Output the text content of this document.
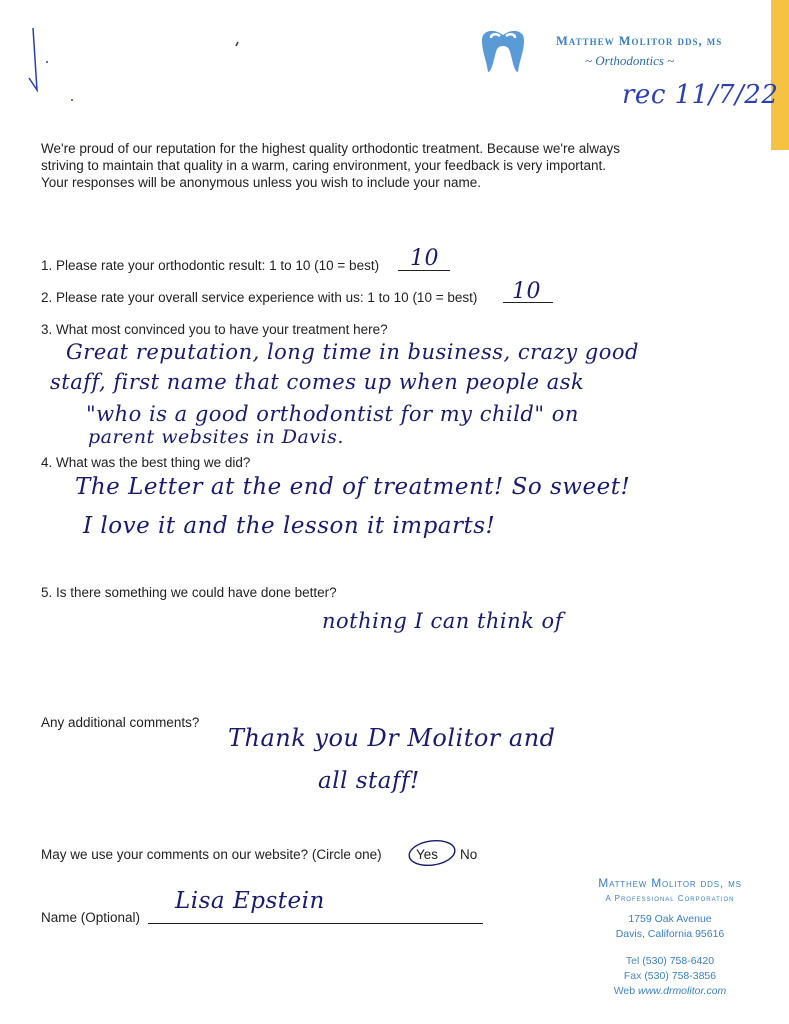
Matthew Molitor dds, ms
~ Orthodontics ~
rec 11/7/22
We're proud of our reputation for the highest quality orthodontic treatment. Because we're always
striving to maintain that quality in a warm, caring environment, your feedback is very important.
Your responses will be anonymous unless you wish to include your name.
1. Please rate your orthodontic result: 1 to 10 (10 = best) 10
2. Please rate your overall service experience with us: 1 to 10 (10 = best) 10
3. What most convinced you to have your treatment here?
Great reputation, long time in business, crazy good
staff, first name that comes up when people ask
"who is a good orthodontist for my child" on
parent websites in Davis.
4. What was the best thing we did?
The Letter at the end of treatment! So sweet!
I love it and the lesson it imparts!
5. Is there something we could have done better?
nothing I can think of
Any additional comments?
Thank you Dr Molitor and
all staff!
May we use your comments on our website? (Circle one)	Yes No
Name (Optional)
Lisa Epstein
Matthew Molitor dds, ms
A Professional Corporation
1759 Oak Avenue
Davis, California 95616
Tel (530) 758-6420
Fax (530) 758-3856
Web www.drmolitor.com
